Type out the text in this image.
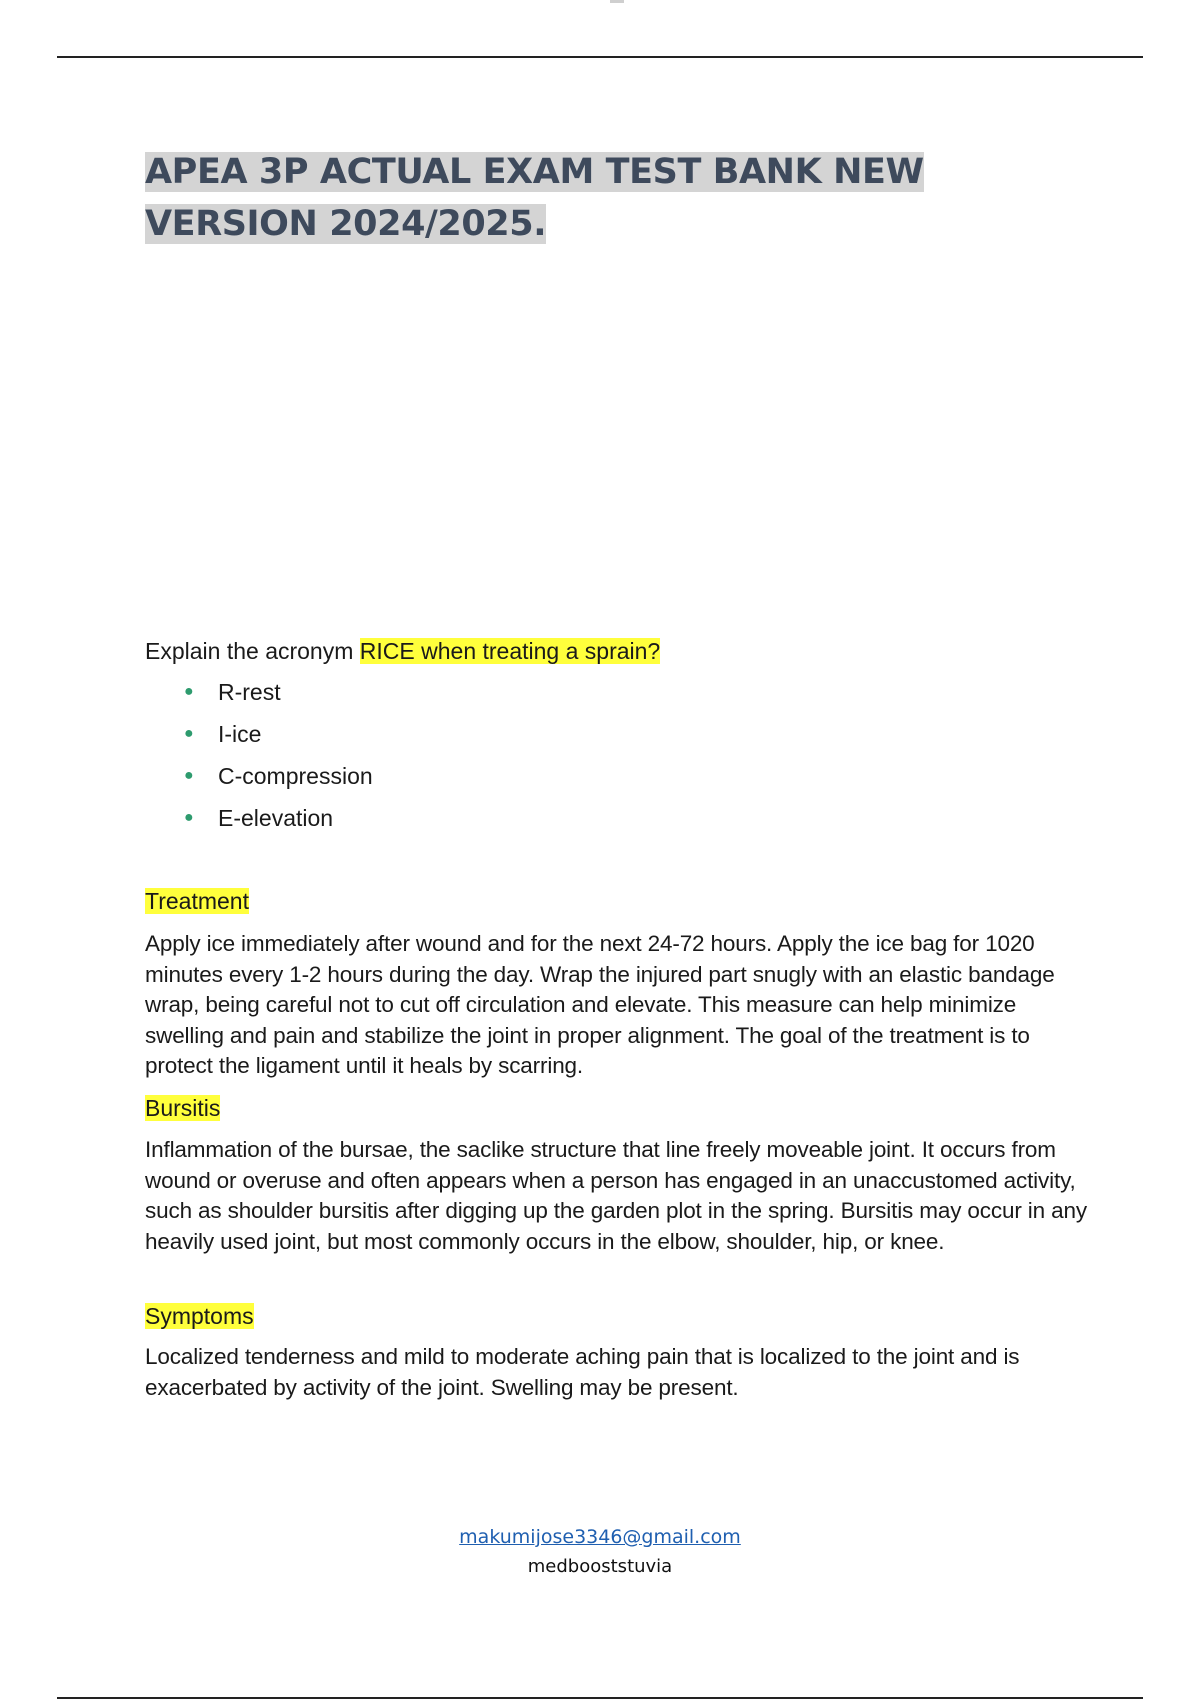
APEA 3P ACTUAL EXAM TEST BANK NEW VERSION 2024/2025.
Explain the acronym RICE when treating a sprain?
● R-rest
● I-ice
● C-compression
● E-elevation
Treatment
Apply ice immediately after wound and for the next 24-72 hours. Apply the ice bag for 1020 minutes every 1-2 hours during the day. Wrap the injured part snugly with an elastic bandage wrap, being careful not to cut off circulation and elevate. This measure can help minimize swelling and pain and stabilize the joint in proper alignment. The goal of the treatment is to protect the ligament until it heals by scarring.
Bursitis
Inflammation of the bursae, the saclike structure that line freely moveable joint. It occurs from wound or overuse and often appears when a person has engaged in an unaccustomed activity, such as shoulder bursitis after digging up the garden plot in the spring. Bursitis may occur in any heavily used joint, but most commonly occurs in the elbow, shoulder, hip, or knee.
Symptoms
Localized tenderness and mild to moderate aching pain that is localized to the joint and is exacerbated by activity of the joint. Swelling may be present.
makumijose3346@gmail.com
medbooststuvia
